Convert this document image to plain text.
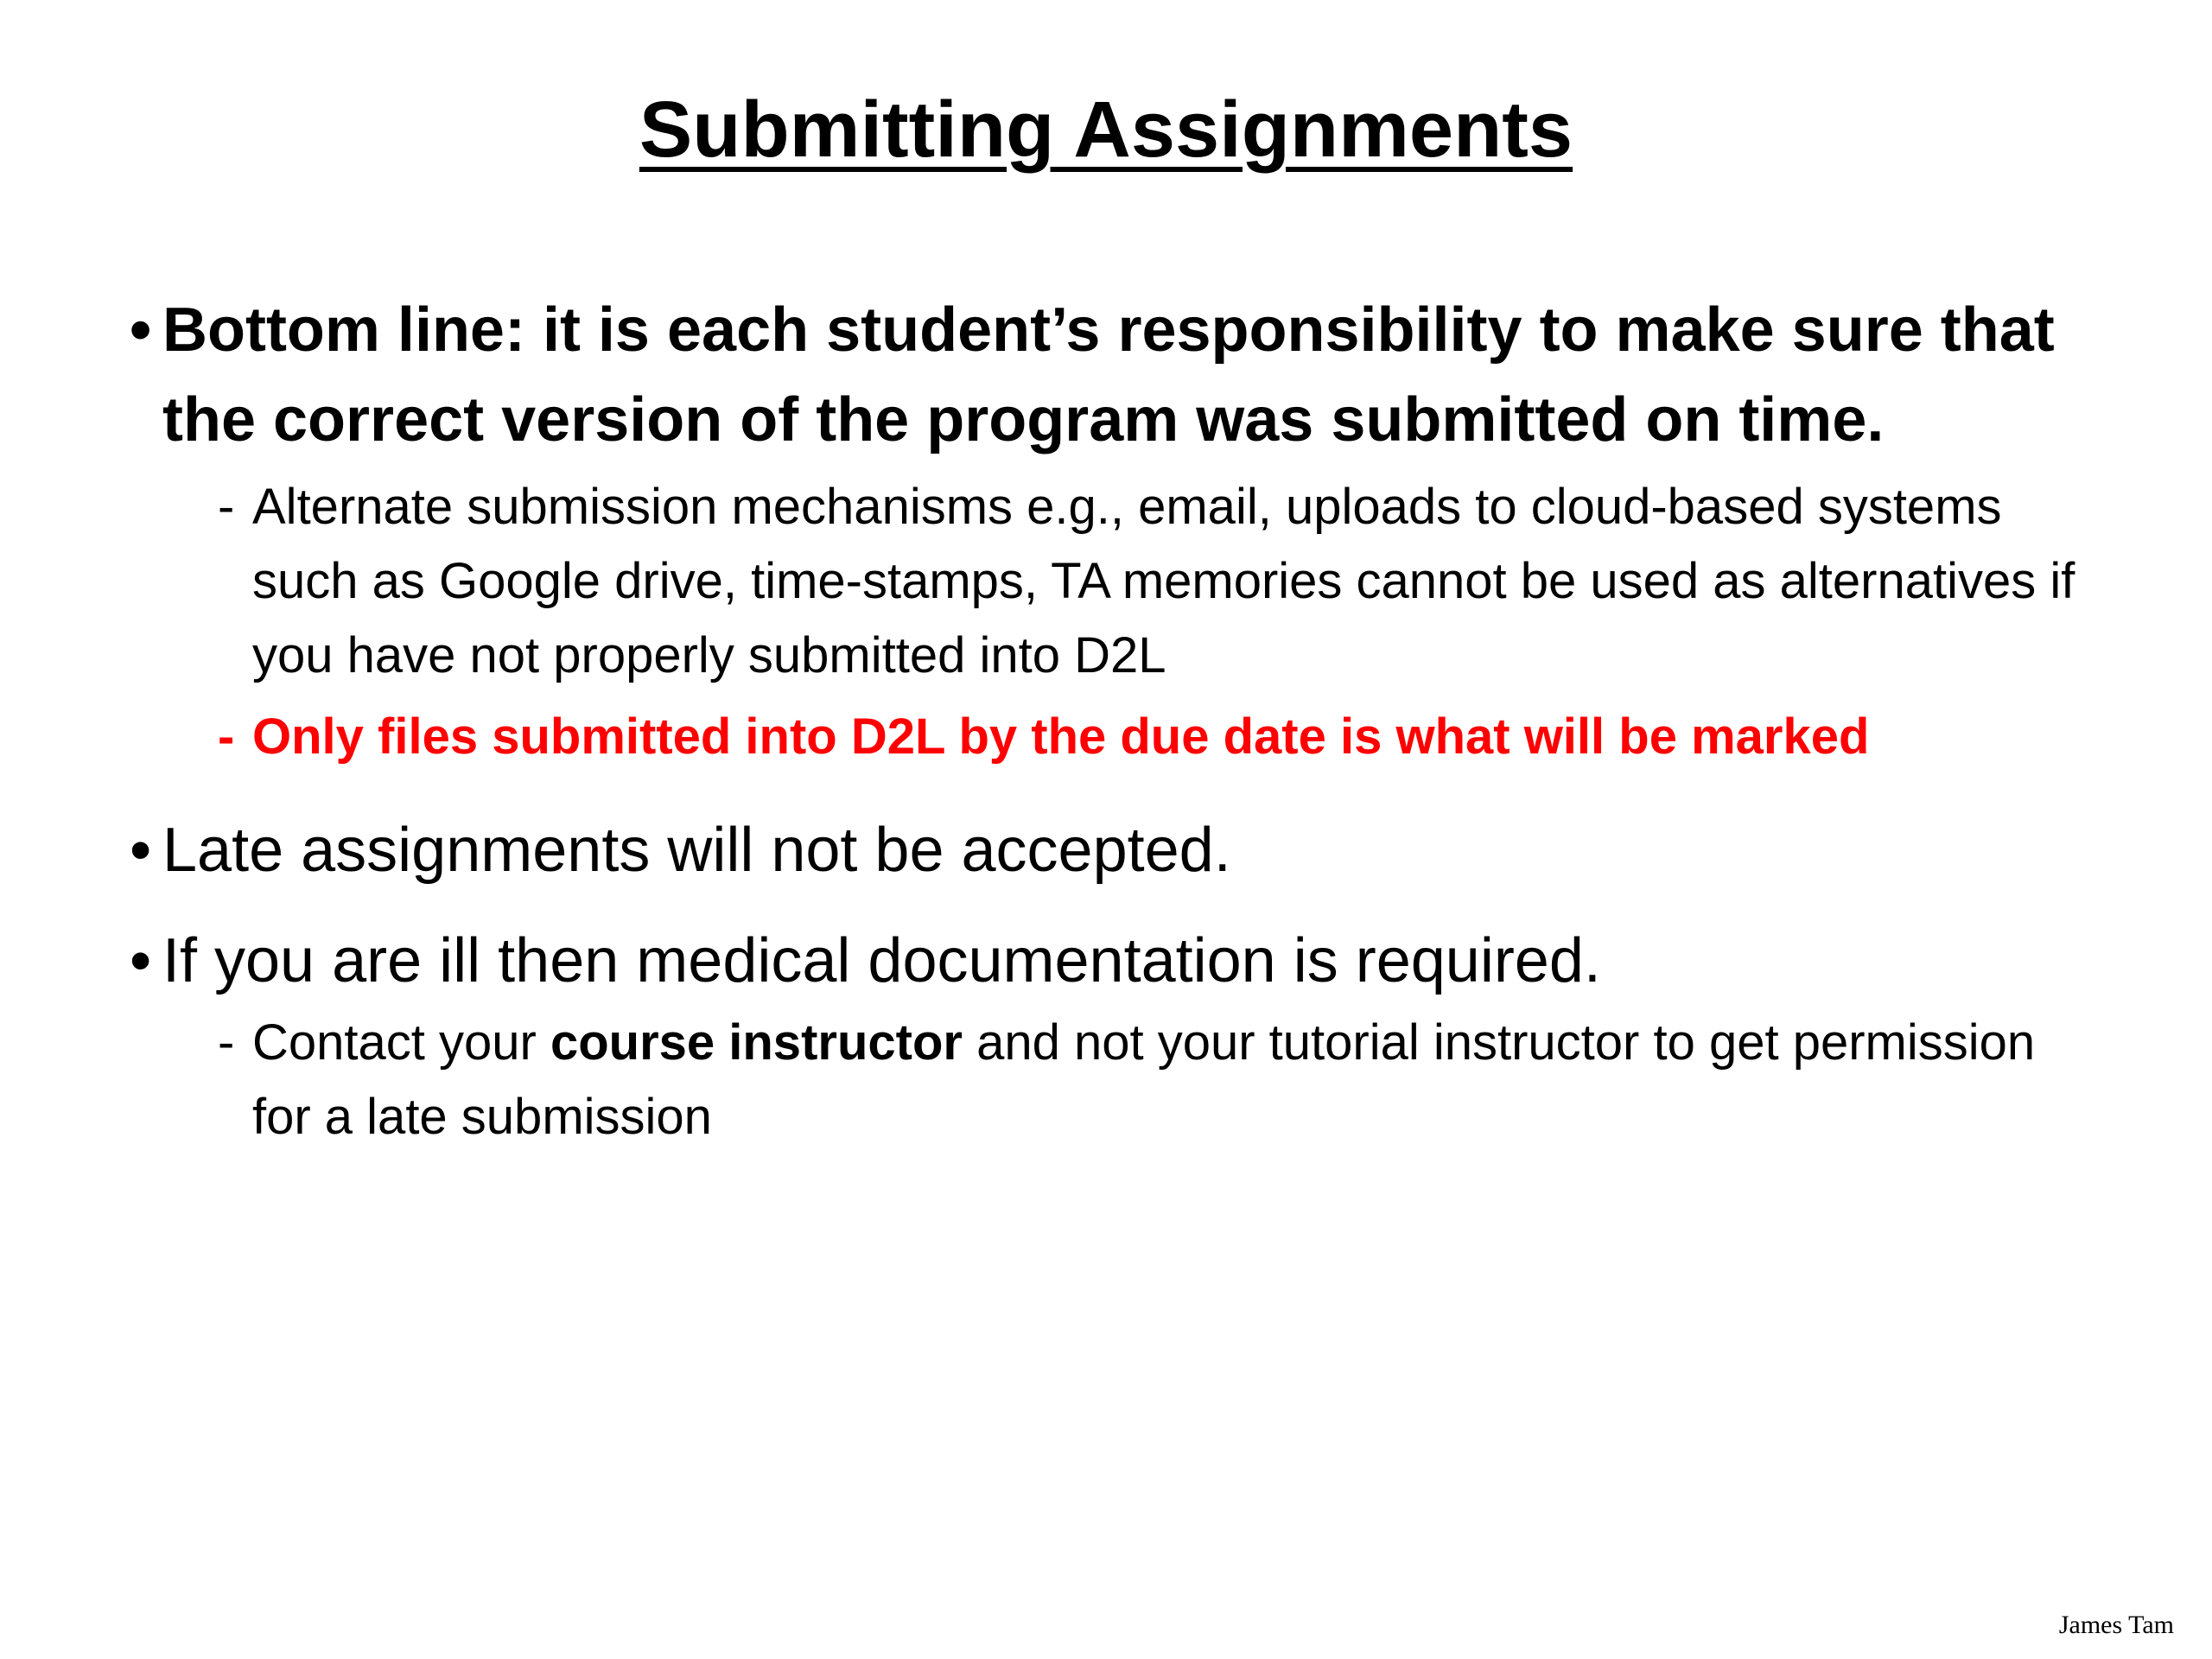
Submitting Assignments
• Bottom line: it is each student’s responsibility to make sure that the correct version of the program was submitted on time.
- Alternate submission mechanisms e.g., email, uploads to cloud-based systems such as Google drive, time-stamps, TA memories cannot be used as alternatives if you have not properly submitted into D2L
- Only files submitted into D2L by the due date is what will be marked
• Late assignments will not be accepted.
• If you are ill then medical documentation is required.
- Contact your course instructor and not your tutorial instructor to get permission for a late submission
James Tam
